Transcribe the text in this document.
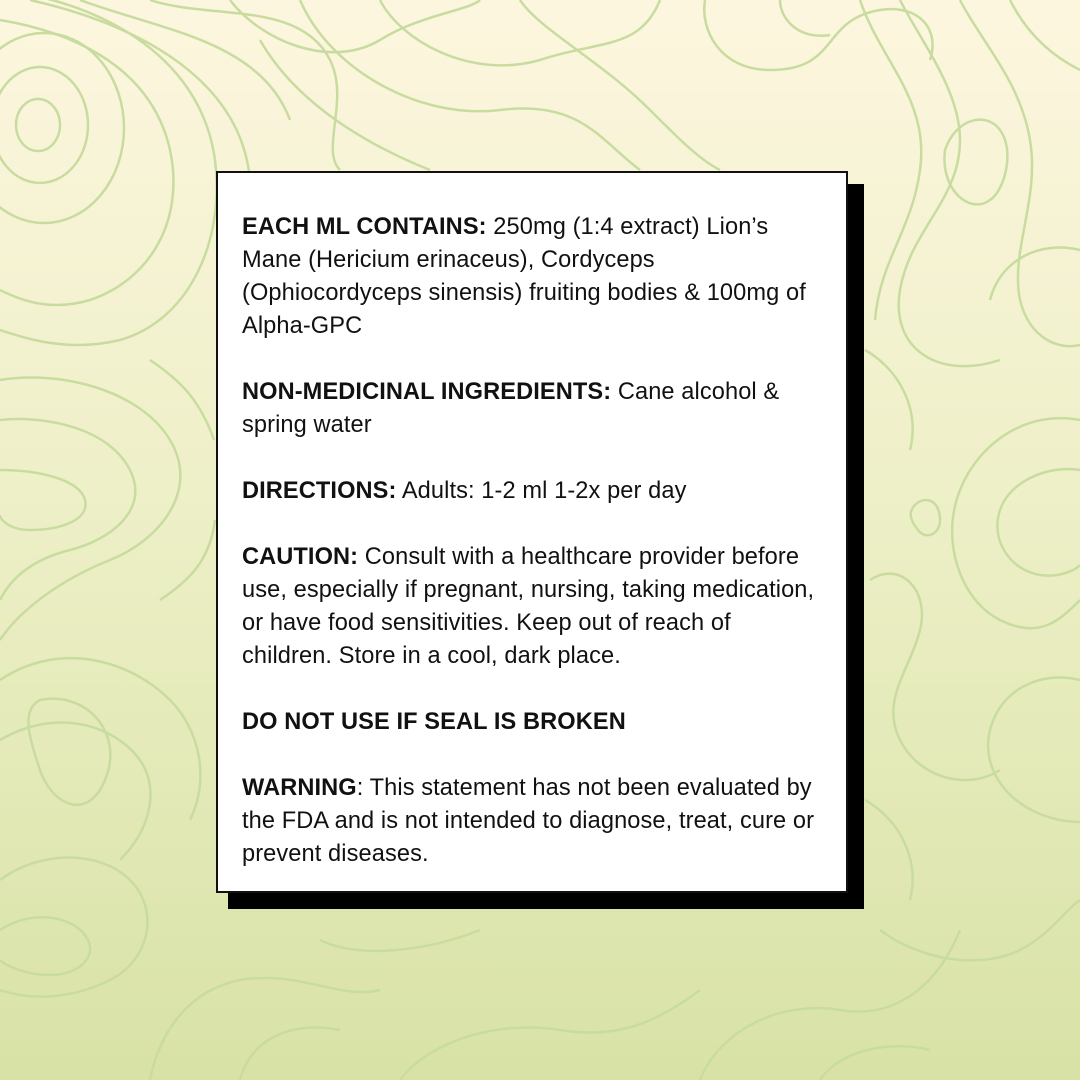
EACH ML CONTAINS: 250mg (1:4 extract) Lion’s Mane (Hericium erinaceus), Cordyceps (Ophiocordyceps sinensis) fruiting bodies & 100mg of Alpha-GPC

NON-MEDICINAL INGREDIENTS: Cane alcohol & spring water

DIRECTIONS: Adults: 1-2 ml 1-2x per day

CAUTION: Consult with a healthcare provider before use, especially if pregnant, nursing, taking medication, or have food sensitivities. Keep out of reach of children. Store in a cool, dark place.

DO NOT USE IF SEAL IS BROKEN

WARNING: This statement has not been evaluated by the FDA and is not intended to diagnose, treat, cure or prevent diseases.
